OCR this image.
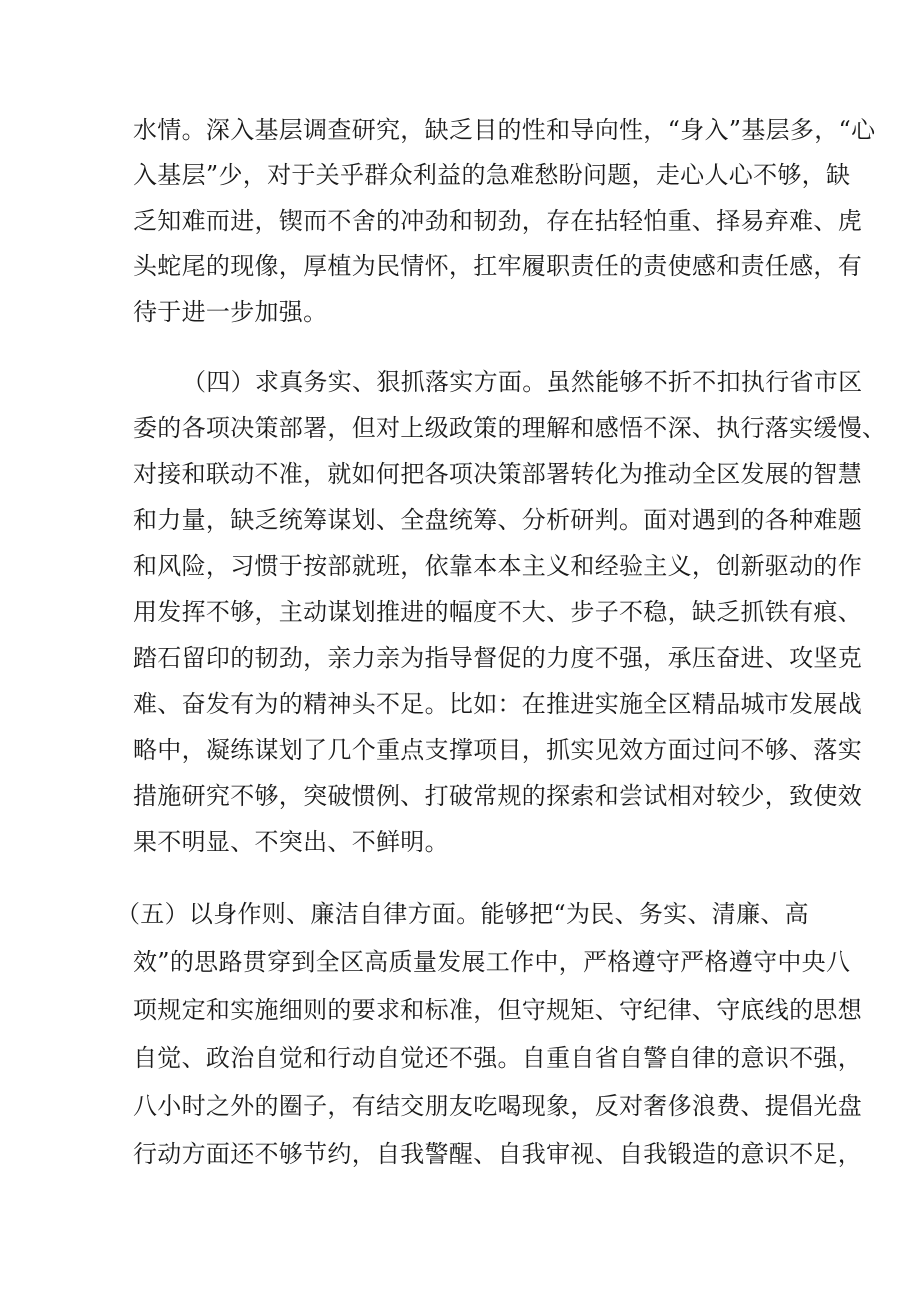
水情。深入基层调查研究，缺乏目的性和导向性，“身入”基层多，“心
入基层”少，对于关乎群众利益的急难愁盼问题，走心人心不够，缺
乏知难而进，锲而不舍的冲劲和韧劲，存在拈轻怕重、择易弃难、虎
头蛇尾的现像，厚植为民情怀，扛牢履职责任的责使感和责任感，有
待于进一步加强。
（四）求真务实、狠抓落实方面。虽然能够不折不扣执行省市区
委的各项决策部署，但对上级政策的理解和感悟不深、执行落实缓慢、
对接和联动不准，就如何把各项决策部署转化为推动全区发展的智慧
和力量，缺乏统筹谋划、全盘统筹、分析研判。面对遇到的各种难题
和风险，习惯于按部就班，依靠本本主义和经验主义，创新驱动的作
用发挥不够，主动谋划推进的幅度不大、步子不稳，缺乏抓铁有痕、
踏石留印的韧劲，亲力亲为指导督促的力度不强，承压奋进、攻坚克
难、奋发有为的精神头不足。比如：在推进实施全区精品城市发展战
略中，凝练谋划了几个重点支撑项目，抓实见效方面过问不够、落实
措施研究不够，突破惯例、打破常规的探索和尝试相对较少，致使效
果不明显、不突出、不鲜明。
（五）以身作则、廉洁自律方面。能够把“为民、务实、清廉、高
效”的思路贯穿到全区高质量发展工作中，严格遵守严格遵守中央八
项规定和实施细则的要求和标准，但守规矩、守纪律、守底线的思想
自觉、政治自觉和行动自觉还不强。自重自省自警自律的意识不强，
八小时之外的圈子，有结交朋友吃喝现象，反对奢侈浪费、提倡光盘
行动方面还不够节约，自我警醒、自我审视、自我锻造的意识不足，
